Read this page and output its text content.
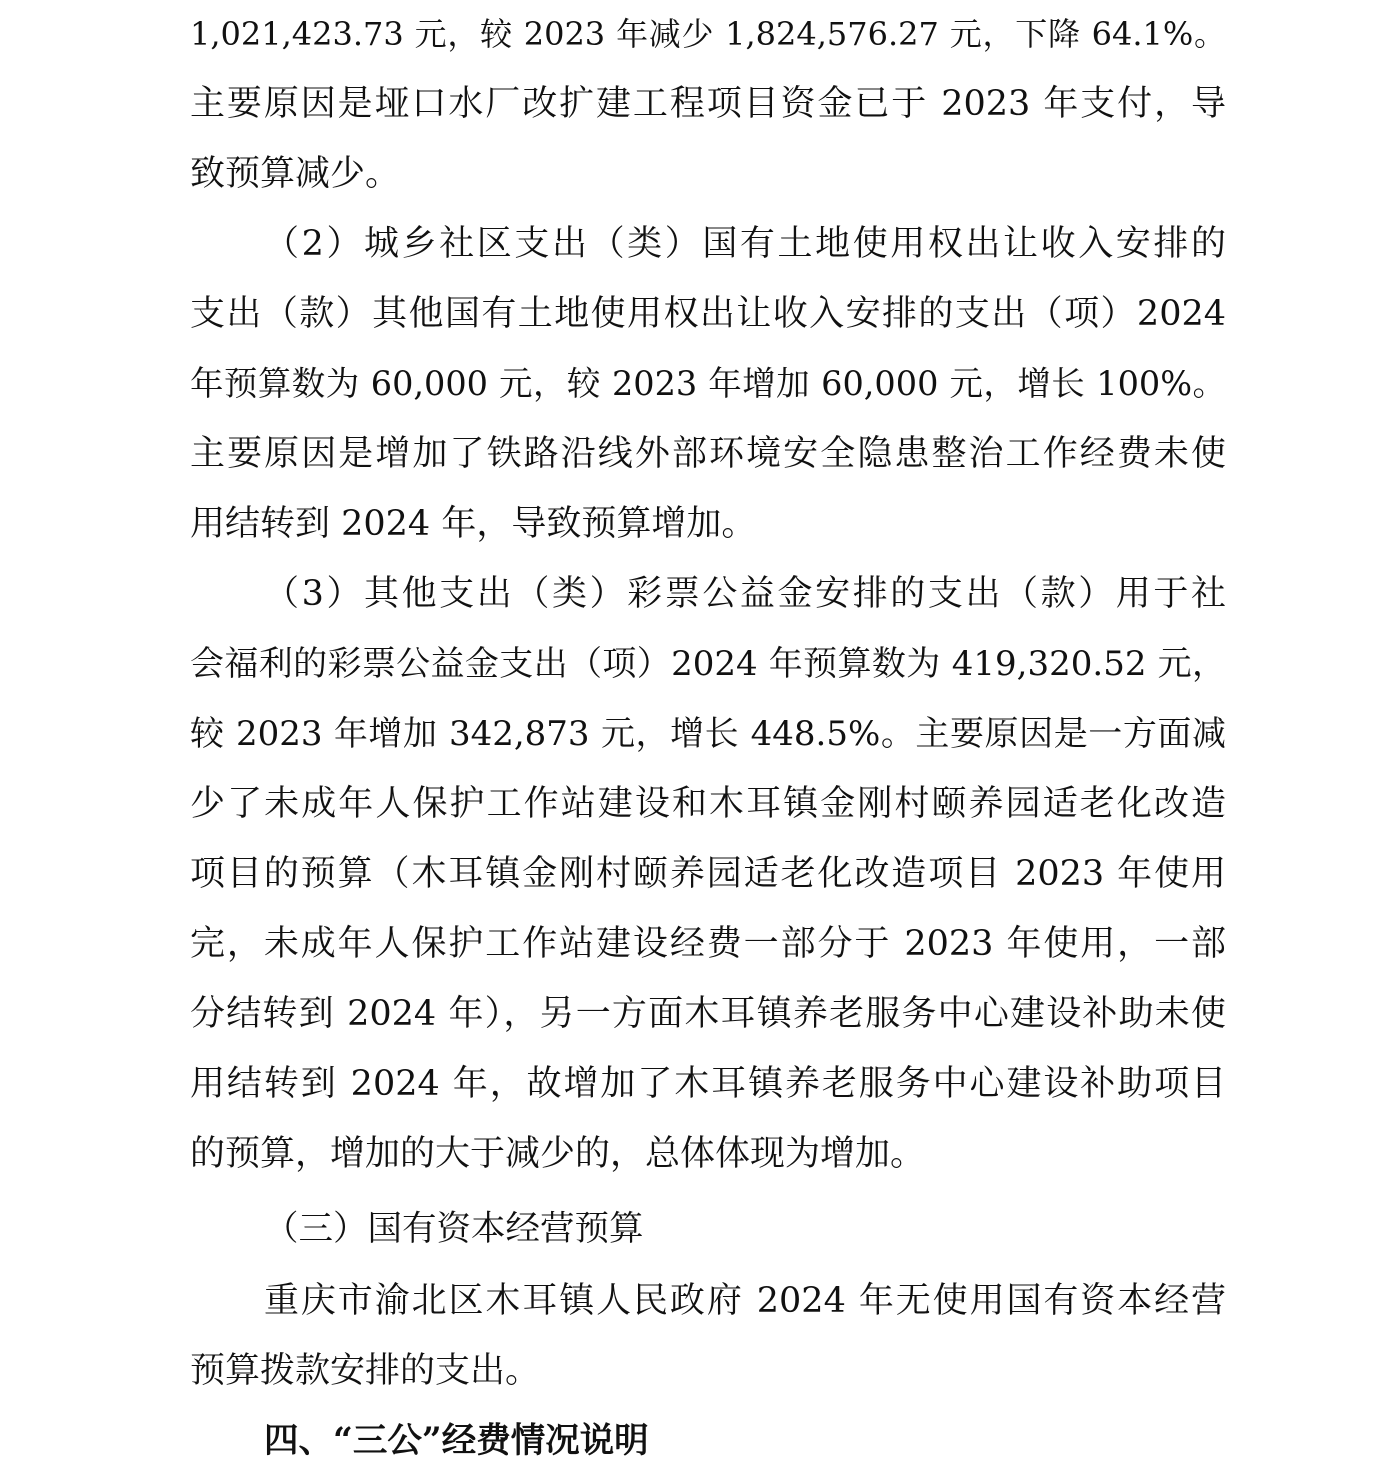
1,021,423.73 元，较 2023 年减少 1,824,576.27 元，下降 64.1%。
主要原因是垭口水厂改扩建工程项目资金已于 2023 年支付，导
致预算减少。
（2）城乡社区支出（类）国有土地使用权出让收入安排的
支出（款）其他国有土地使用权出让收入安排的支出（项）2024
年预算数为 60,000 元，较 2023 年增加 60,000 元，增长 100%。
主要原因是增加了铁路沿线外部环境安全隐患整治工作经费未使
用结转到 2024 年，导致预算增加。
（3）其他支出（类）彩票公益金安排的支出（款）用于社
会福利的彩票公益金支出（项）2024 年预算数为 419,320.52 元，
较 2023 年增加 342,873 元，增长 448.5%。主要原因是一方面减
少了未成年人保护工作站建设和木耳镇金刚村颐养园适老化改造
项目的预算（木耳镇金刚村颐养园适老化改造项目 2023 年使用
完，未成年人保护工作站建设经费一部分于 2023 年使用，一部
分结转到 2024 年），另一方面木耳镇养老服务中心建设补助未使
用结转到 2024 年，故增加了木耳镇养老服务中心建设补助项目
的预算，增加的大于减少的，总体体现为增加。
（三）国有资本经营预算
重庆市渝北区木耳镇人民政府 2024 年无使用国有资本经营
预算拨款安排的支出。
四、“三公”经费情况说明
